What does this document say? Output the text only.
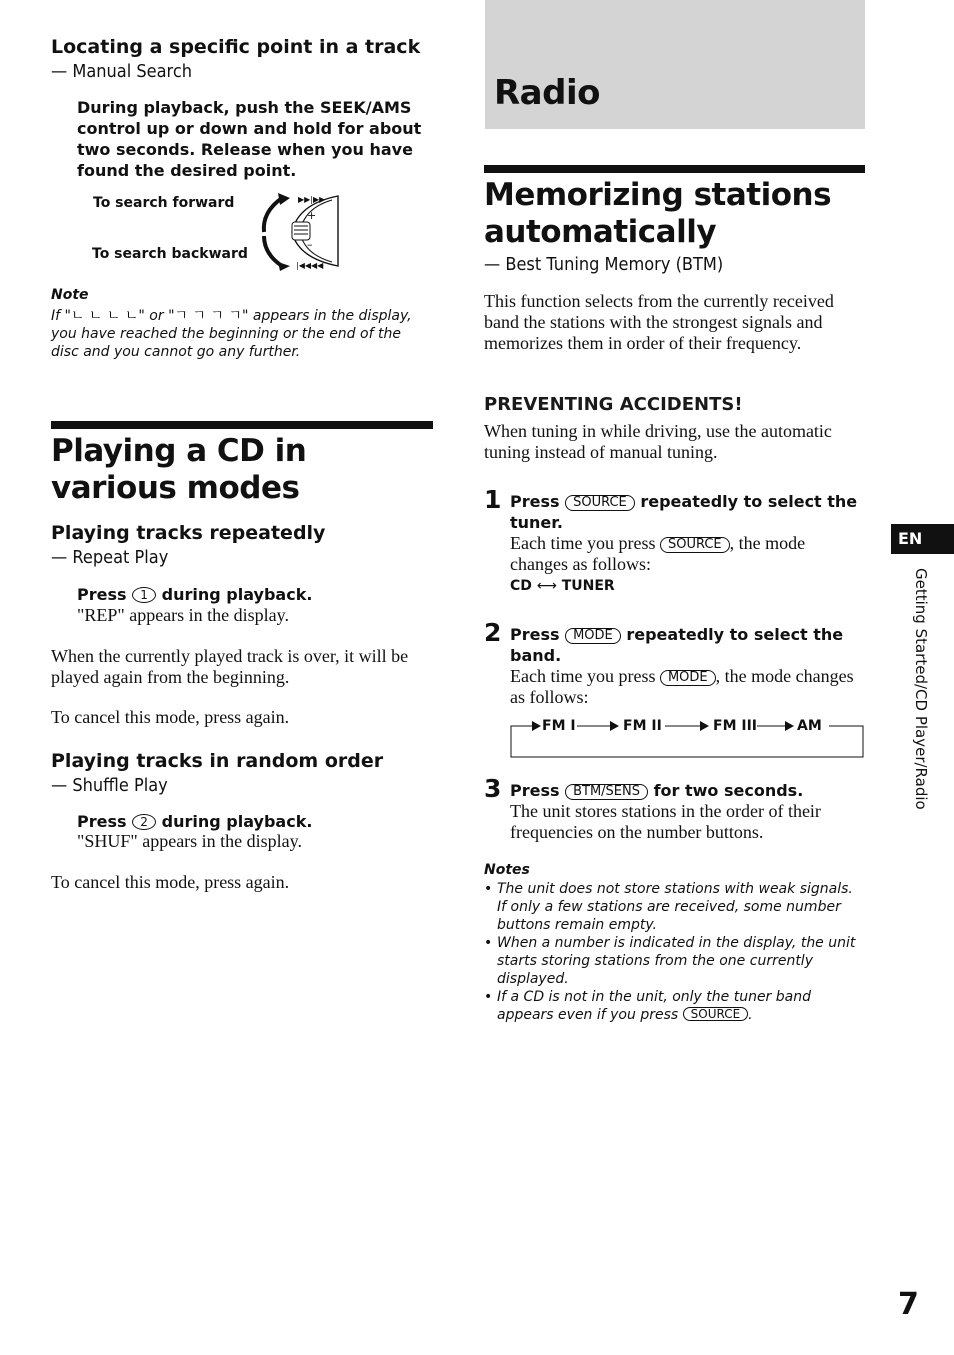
Locating a specific point in a track
— Manual Search
During playback, push the SEEK/AMS control up or down and hold for about two seconds. Release when you have found the desired point.
To search forward
To search backward
+
–
▶▶|▶▶
|◀◀◀◀
Note
If "ㄴ ㄴ ㄴ ㄴ" or "ㄱ ㄱ ㄱ ㄱ" appears in the display, you have reached the beginning or the end of the disc and you cannot go any further.
Playing a CD in various modes
Playing tracks repeatedly
— Repeat Play
Press 1 during playback.
"REP" appears in the display.
When the currently played track is over, it will be played again from the beginning.
To cancel this mode, press again.
Playing tracks in random order
— Shuffle Play
Press 2 during playback.
"SHUF" appears in the display.
To cancel this mode, press again.
Radio
Memorizing stations automatically
— Best Tuning Memory (BTM)
This function selects from the currently received band the stations with the strongest signals and memorizes them in order of their frequency.
PREVENTING ACCIDENTS!
When tuning in while driving, use the automatic tuning instead of manual tuning.
1 Press SOURCE repeatedly to select the tuner.
Each time you press SOURCE , the mode changes as follows:
CD ⟷ TUNER
2 Press MODE repeatedly to select the band.
Each time you press MODE , the mode changes as follows:
FM I	FM II	FM III	AM
3 Press BTM/SENS for two seconds.
The unit stores stations in the order of their frequencies on the number buttons.
Notes
• The unit does not store stations with weak signals. If only a few stations are received, some number buttons remain empty.
• When a number is indicated in the display, the unit starts storing stations from the one currently displayed.
• If a CD is not in the unit, only the tuner band appears even if you press SOURCE .
EN
Getting Started/CD Player/Radio
7
